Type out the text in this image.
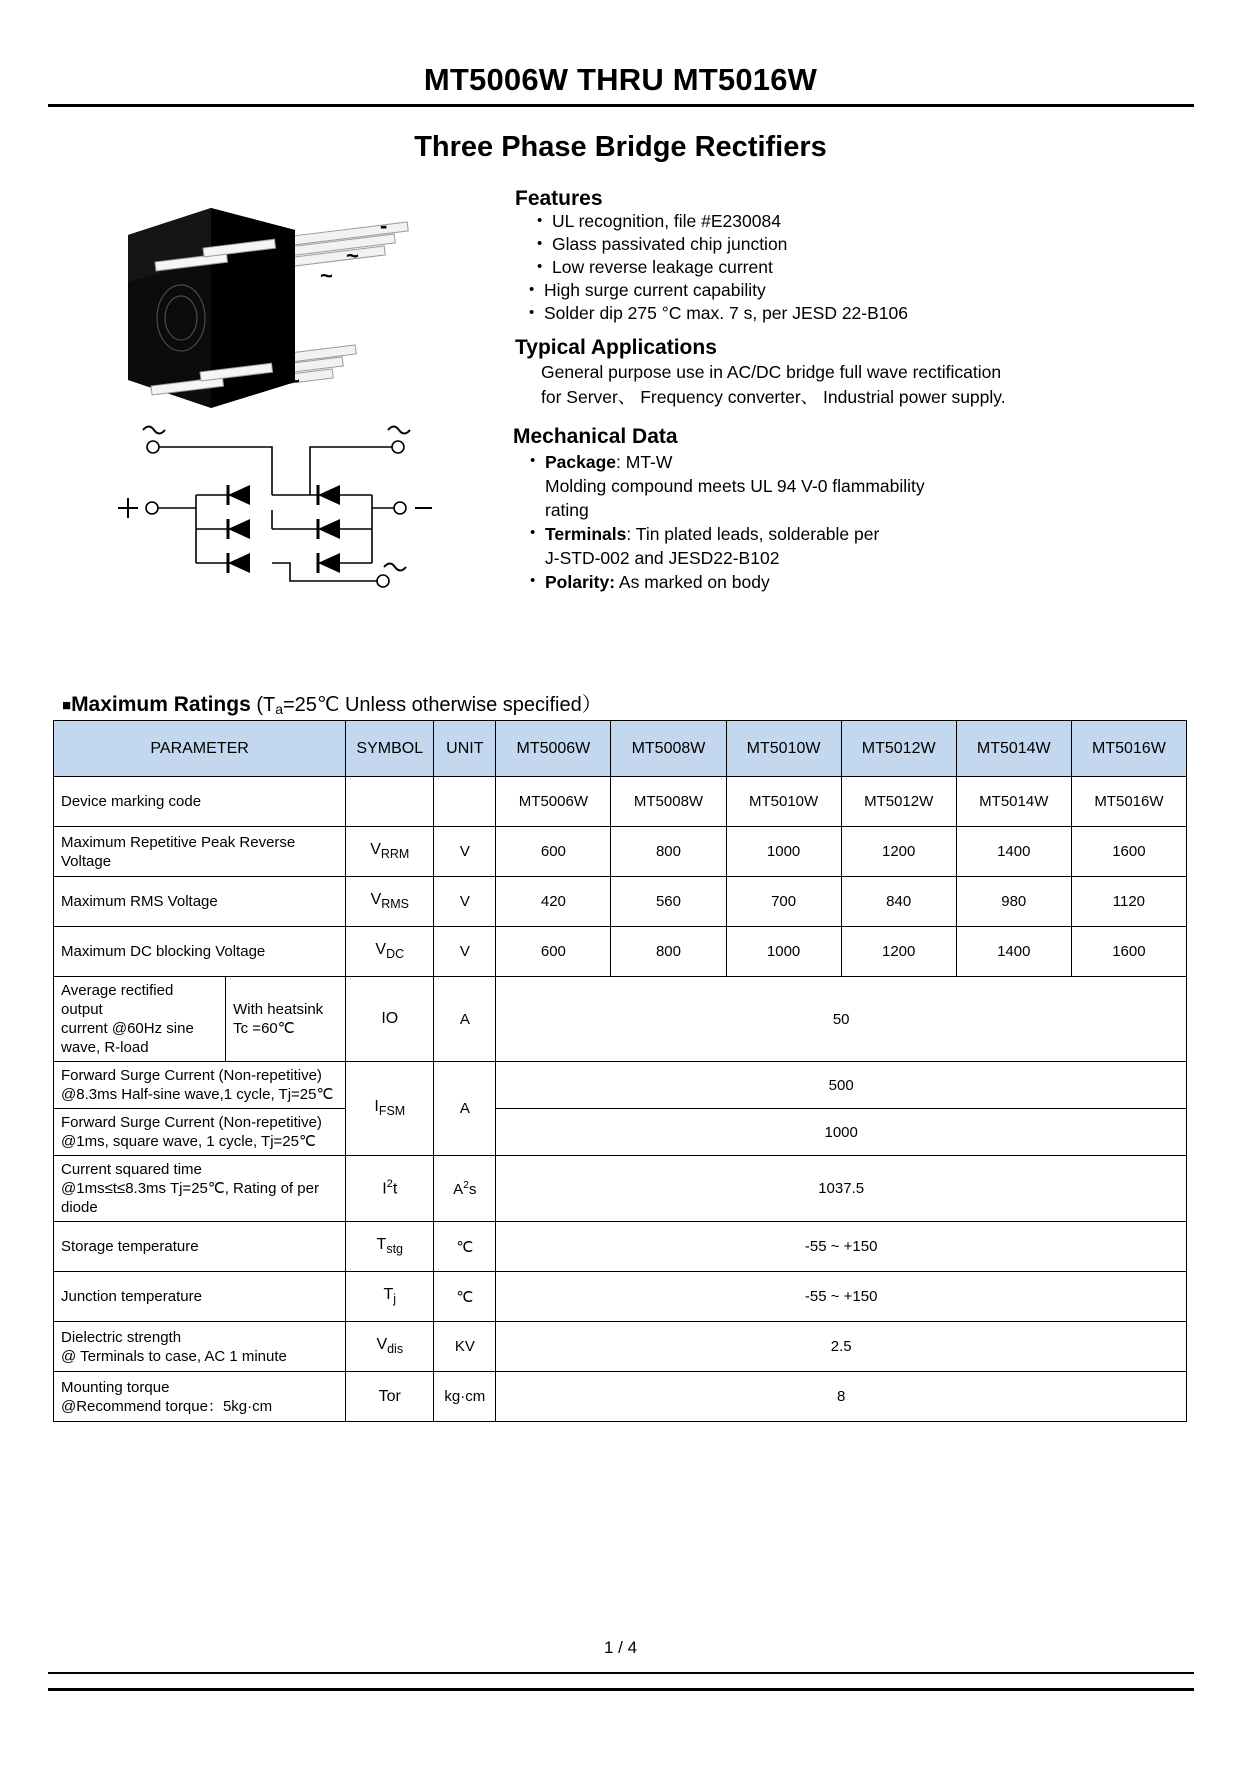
MT5006W THRU MT5016W
Three Phase Bridge Rectifiers
-
~
~
+ ~
Features
• UL recognition, file #E230084
• Glass passivated chip junction
• Low reverse leakage current
• High surge current capability
• Solder dip 275 °C max. 7 s, per JESD 22-B106
Typical Applications
General purpose use in AC/DC bridge full wave rectification
for Server、 Frequency converter、 Industrial power supply.
Mechanical Data
• Package: MT-W
Molding compound meets UL 94 V-0 flammability
rating
• Terminals: Tin plated leads, solderable per
J-STD-002 and JESD22-B102
• Polarity: As marked on body
■Maximum Ratings ($T_a=25℃$ Unless otherwise specified）
PARAMETER		SYMBOL	UNIT	MT5006W	MT5008W	MT5010W	MT5012W	MT5014W	MT5016W
Device marking code				MT5006W	MT5008W	MT5010W	MT5012W	MT5014W	MT5016W

Maximum Repetitive Peak Reverse
Voltage		$V_{RRM}$	V	600	800	1000	1200	1400	1600
Maximum RMS Voltage		$V_{RMS}$	V	420	560	700	840	980	1120
Maximum DC blocking Voltage		$V_{DC}$	V	600	800	1000	1200	1400	1600

Average rectified output
current @60Hz sine
wave, R-load

With heatsink
Tc =60℃
	IO	A	50

Forward Surge Current (Non-repetitive)
@8.3ms Half-sine wave,1 cycle, Tj=25℃		$I_{FSM}$	A	500					

Forward Surge Current (Non-repetitive)
@1ms, square wave, 1 cycle, Tj=25℃				1000					

Current squared time
@1ms≤t≤8.3ms Tj=25℃, Rating of per
diode		$I^2t$	$A^2s$	1037.5					
Storage temperature		$T_{stg}$	℃	-55 ~ +150					
Junction temperature		$T_j$	℃	-55 ~ +150					

Dielectric strength
@ Terminals to case, AC 1 minute		$V_{dis}$	KV	2.5					

Mounting torque
@Recommend torque：5kg·cm		Tor	kg·cm	8					
1 / 4
